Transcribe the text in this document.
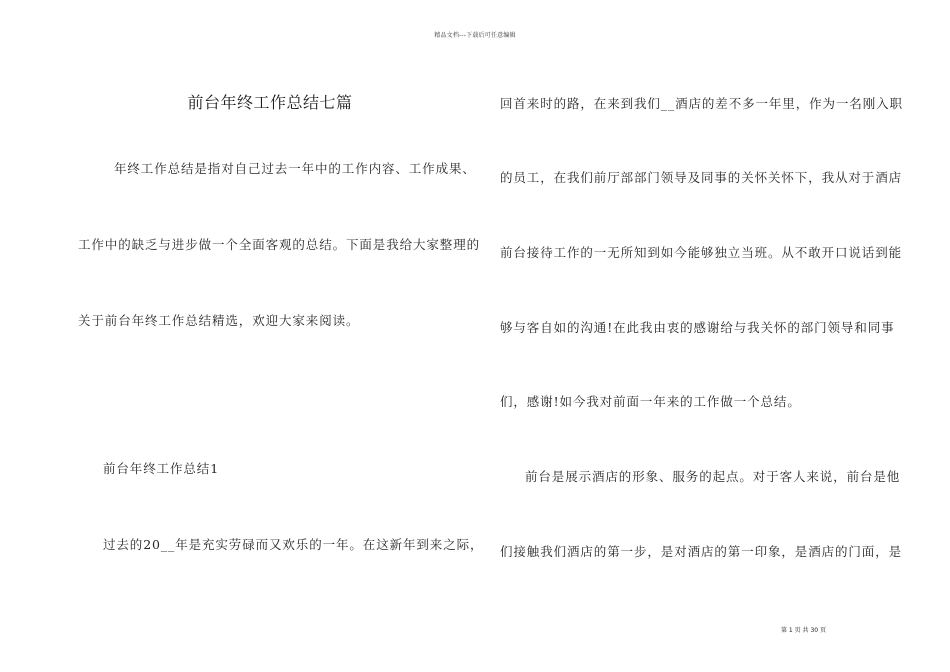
精品文档---下载后可任意编辑
前台年终工作总结七篇
年终工作总结是指对自己过去一年中的工作内容、工作成果、
工作中的缺乏与进步做一个全面客观的总结。下面是我给大家整理的
关于前台年终工作总结精选，欢迎大家来阅读。
前台年终工作总结1
过去的20__年是充实劳碌而又欢乐的一年。在这新年到来之际，
回首来时的路，在来到我们__酒店的差不多一年里，作为一名刚入职
的员工，在我们前厅部部门领导及同事的关怀关怀下，我从对于酒店
前台接待工作的一无所知到如今能够独立当班。从不敢开口说话到能
够与客自如的沟通!在此我由衷的感谢给与我关怀的部门领导和同事
们，感谢!如今我对前面一年来的工作做一个总结。
前台是展示酒店的形象、服务的起点。对于客人来说，前台是他
们接触我们酒店的第一步，是对酒店的第一印象，是酒店的门面，是
第 1 页 共 30 页
